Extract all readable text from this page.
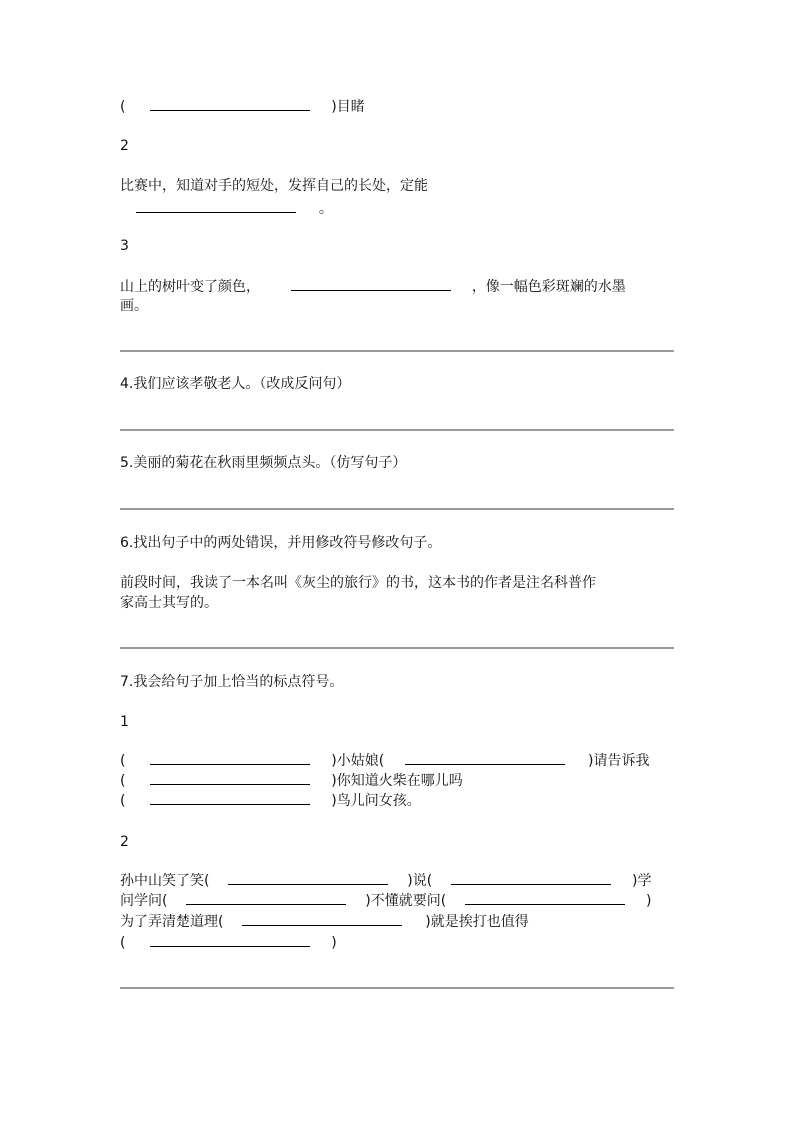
(	)目睹
2
比赛中，知道对手的短处，发挥自己的长处，定能
。
3
山上的树叶变了颜色，	，像一幅色彩斑斓的水墨
画。
4.我们应该孝敬老人。（改成反问句）
5.美丽的菊花在秋雨里频频点头。（仿写句子）
6.找出句子中的两处错误，并用修改符号修改句子。
前段时间，我读了一本名叫《灰尘的旅行》的书，这本书的作者是注名科普作
家高士其写的。
7.我会给句子加上恰当的标点符号。
1
(	)小姑娘(	)请告诉我
(	)你知道火柴在哪儿吗
(	)鸟儿问女孩。
2
孙中山笑了笑(	)说(	)学
问学问(	)不懂就要问(	)
为了弄清楚道理(	)就是挨打也值得
(	)
